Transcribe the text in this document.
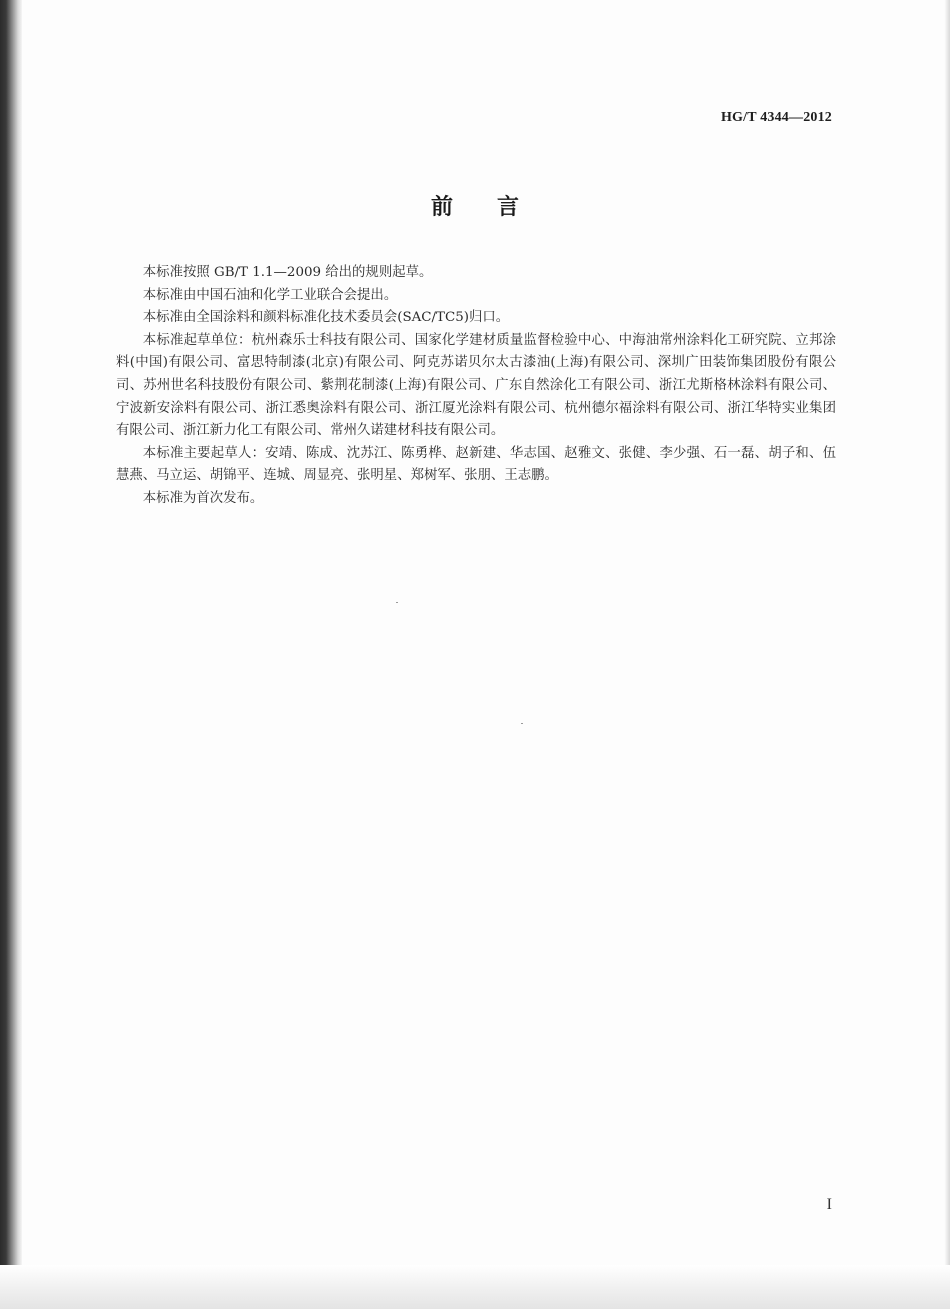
HG/T 4344—2012
前言

本标准按照 GB/T 1.1—2009 给出的规则起草。

本标准由中国石油和化学工业联合会提出。

本标准由全国涂料和颜料标准化技术委员会(SAC/TC5)归口。

本标准起草单位：杭州森乐士科技有限公司、国家化学建材质量监督检验中心、中海油常州涂料化工研究院、立邦涂料(中国)有限公司、富思特制漆(北京)有限公司、阿克苏诺贝尔太古漆油(上海)有限公司、深圳广田装饰集团股份有限公司、苏州世名科技股份有限公司、紫荆花制漆(上海)有限公司、广东自然涂化工有限公司、浙江尤斯格林涂料有限公司、宁波新安涂料有限公司、浙江悉奥涂料有限公司、浙江厦光涂料有限公司、杭州德尔福涂料有限公司、浙江华特实业集团有限公司、浙江新力化工有限公司、常州久诺建材科技有限公司。

本标准主要起草人：安靖、陈成、沈苏江、陈勇桦、赵新建、华志国、赵雅文、张健、李少强、石一磊、胡子和、伍慧燕、马立运、胡锦平、连城、周显亮、张明星、郑树军、张朋、王志鹏。

本标准为首次发布。

I
